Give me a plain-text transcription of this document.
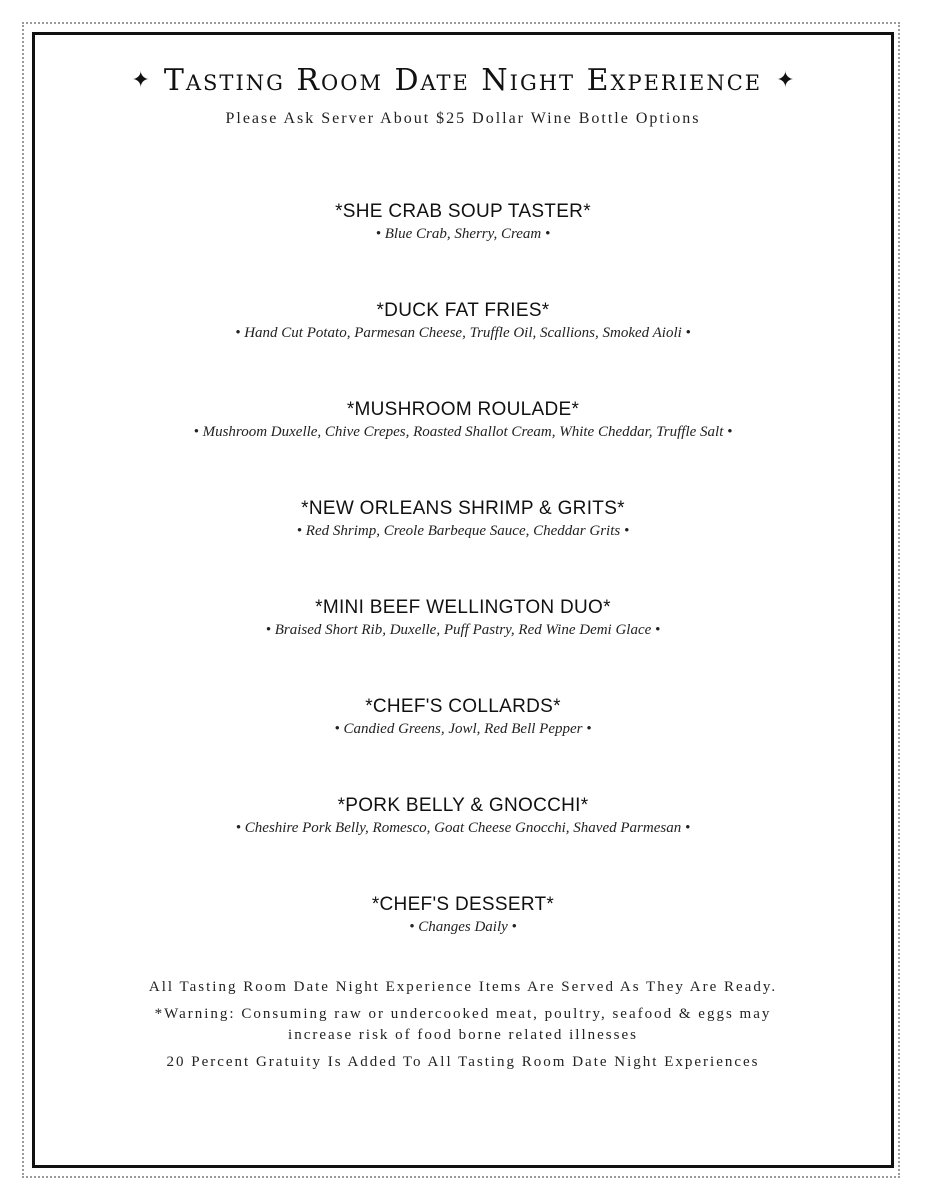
✦ Tasting Room Date Night Experience ✦
Please Ask Server About $25 Dollar Wine Bottle Options
*SHE CRAB SOUP TASTER*
• Blue Crab, Sherry, Cream •
*DUCK FAT FRIES*
• Hand Cut Potato, Parmesan Cheese, Truffle Oil, Scallions, Smoked Aioli •
*MUSHROOM ROULADE*
• Mushroom Duxelle, Chive Crepes, Roasted Shallot Cream, White Cheddar, Truffle Salt •
*NEW ORLEANS SHRIMP & GRITS*
• Red Shrimp, Creole Barbeque Sauce, Cheddar Grits •
*MINI BEEF WELLINGTON DUO*
• Braised Short Rib, Duxelle, Puff Pastry, Red Wine Demi Glace •
*CHEF'S COLLARDS*
• Candied Greens, Jowl, Red Bell Pepper •
*PORK BELLY & GNOCCHI*
• Cheshire Pork Belly, Romesco, Goat Cheese Gnocchi, Shaved Parmesan •
*CHEF'S DESSERT*
• Changes Daily •

All Tasting Room Date Night Experience Items Are Served As They Are Ready.

*Warning: Consuming raw or undercooked meat, poultry, seafood & eggs may increase risk of food borne related illnesses

20 Percent Gratuity Is Added To All Tasting Room Date Night Experiences
